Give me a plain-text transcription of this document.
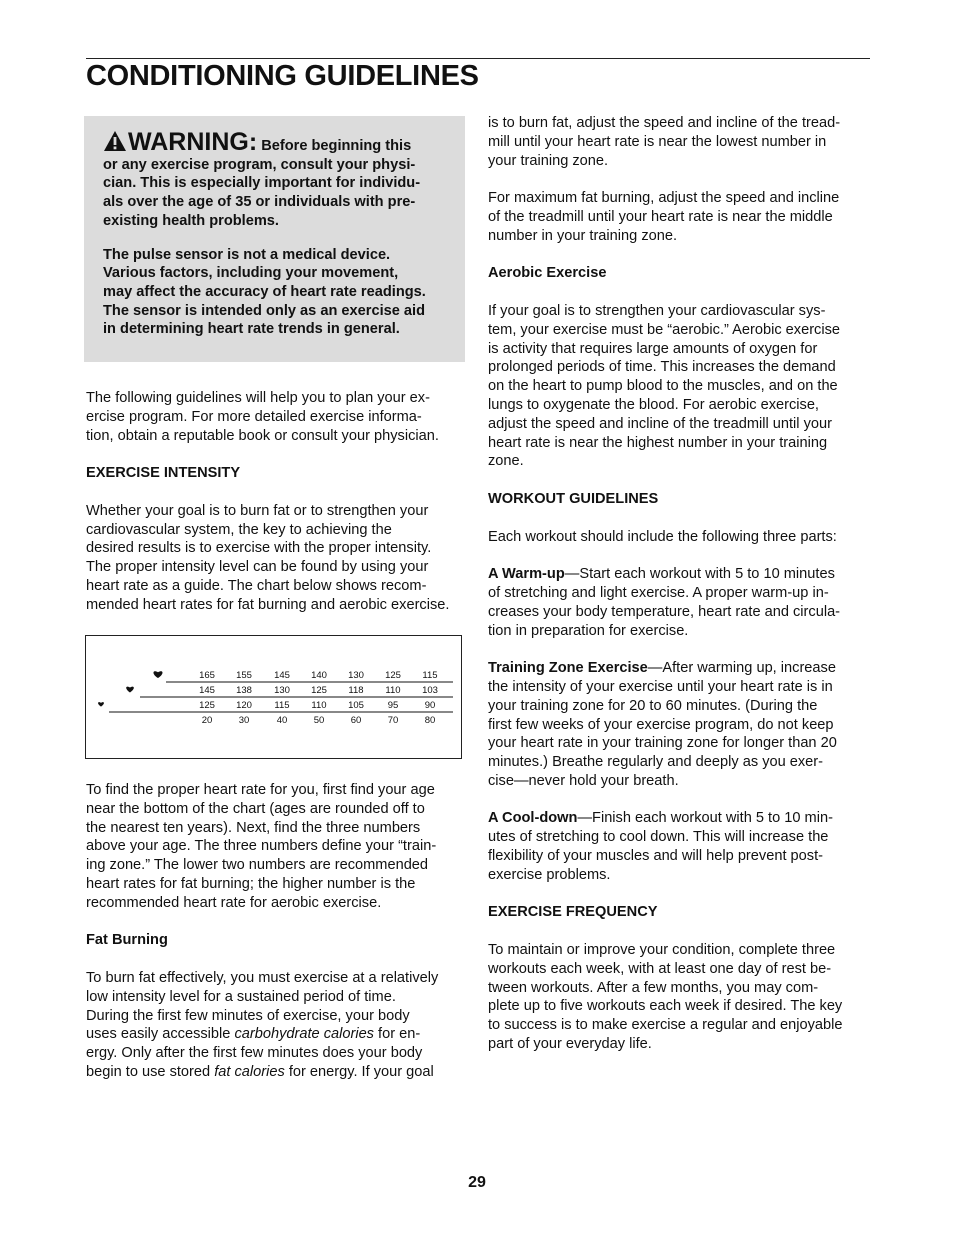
CONDITIONING GUIDELINES

WARNING: Before beginning this
or any exercise program, consult your physi-
cian. This is especially important for individu-
als over the age of 35 or individuals with pre-
existing health problems.

The pulse sensor is not a medical device.
Various factors, including your movement,
may affect the accuracy of heart rate readings.
The sensor is intended only as an exercise aid
in determining heart rate trends in general.

The following guidelines will help you to plan your ex-
ercise program. For more detailed exercise informa-
tion, obtain a reputable book or consult your physician.

EXERCISE INTENSITY

Whether your goal is to burn fat or to strengthen your
cardiovascular system, the key to achieving the
desired results is to exercise with the proper intensity.
The proper intensity level can be found by using your
heart rate as a guide. The chart below shows recom-
mended heart rates for fat burning and aerobic exercise.

165 155 145 140 130 125 115
145 138 130 125 118 110 103
125 120 115 110 105	95	90
20	30	40	50	60	70	80

To find the proper heart rate for you, first find your age
near the bottom of the chart (ages are rounded off to
the nearest ten years). Next, find the three numbers
above your age. The three numbers define your “train-
ing zone.” The lower two numbers are recommended
heart rates for fat burning; the higher number is the
recommended heart rate for aerobic exercise.

Fat Burning

To burn fat effectively, you must exercise at a relatively
low intensity level for a sustained period of time.
During the first few minutes of exercise, your body
uses easily accessible carbohydrate calories for en-
ergy. Only after the first few minutes does your body
begin to use stored fat calories for energy. If your goal

is to burn fat, adjust the speed and incline of the tread-
mill until your heart rate is near the lowest number in
your training zone.

For maximum fat burning, adjust the speed and incline
of the treadmill until your heart rate is near the middle
number in your training zone.

Aerobic Exercise

If your goal is to strengthen your cardiovascular sys-
tem, your exercise must be “aerobic.” Aerobic exercise
is activity that requires large amounts of oxygen for
prolonged periods of time. This increases the demand
on the heart to pump blood to the muscles, and on the
lungs to oxygenate the blood. For aerobic exercise,
adjust the speed and incline of the treadmill until your
heart rate is near the highest number in your training
zone.

WORKOUT GUIDELINES

Each workout should include the following three parts:

A Warm-up—Start each workout with 5 to 10 minutes
of stretching and light exercise. A proper warm-up in-
creases your body temperature, heart rate and circula-
tion in preparation for exercise.

Training Zone Exercise—After warming up, increase
the intensity of your exercise until your heart rate is in
your training zone for 20 to 60 minutes. (During the
first few weeks of your exercise program, do not keep
your heart rate in your training zone for longer than 20
minutes.) Breathe regularly and deeply as you exer-
cise—never hold your breath.

A Cool-down—Finish each workout with 5 to 10 min-
utes of stretching to cool down. This will increase the
flexibility of your muscles and will help prevent post-
exercise problems.

EXERCISE FREQUENCY

To maintain or improve your condition, complete three
workouts each week, with at least one day of rest be-
tween workouts. After a few months, you may com-
plete up to five workouts each week if desired. The key
to success is to make exercise a regular and enjoyable
part of your everyday life.

29
